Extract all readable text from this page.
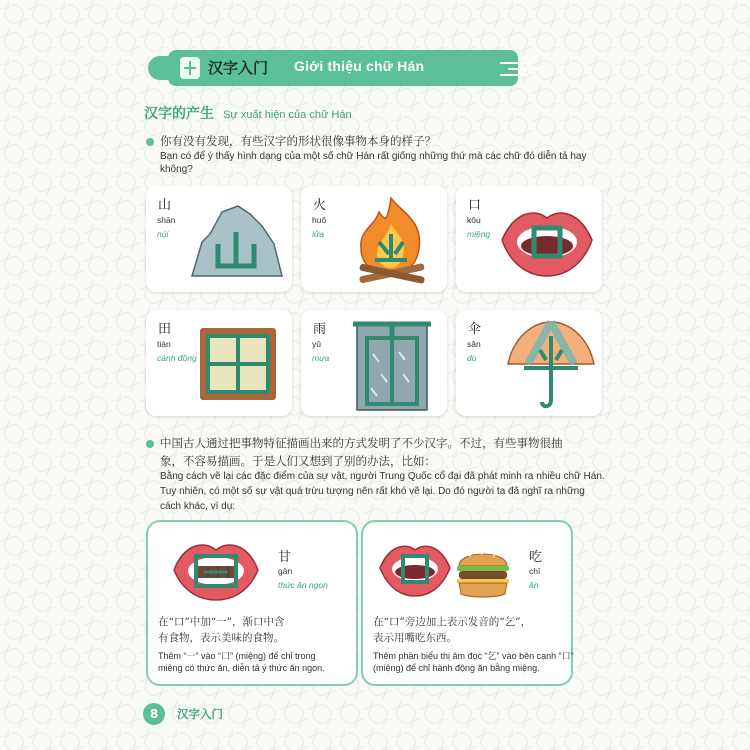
汉字入门 Giới thiệu chữ Hán
汉字的产生 Sự xuất hiện của chữ Hán
你有没有发现，有些汉字的形状很像事物本身的样子？
Bạn có để ý thấy hình dạng của một số chữ Hán rất giống những thứ mà các chữ đó diễn tả hay
không?
山
shān
núi
火
huǒ
lửa
口
kǒu
miệng
田
tián
cánh đồng
雨
yǔ
mưa
伞
sǎn
dù
中国古人通过把事物特征描画出来的方式发明了不少汉字。不过，有些事物很抽
象，不容易描画。于是人们又想到了别的办法，比如：
Bằng cách vẽ lại các đặc điểm của sự vật, người Trung Quốc cổ đại đã phát minh ra nhiều chữ Hán.
Tuy nhiên, có một số sự vật quá trừu tượng nên rất khó vẽ lại. Do đó người ta đã nghĩ ra những
cách khác, ví dụ:
甘
gān
thức ăn ngon
在“口”中加“一”，渐口中含
有食物，表示美味的食物。
Thêm “一” vào “口” (miệng) để chỉ trong
miệng có thức ăn, diễn tả ý thức ăn ngon.
吃
chī
ăn
在“口”旁边加上表示发音的“乞”，
表示用嘴吃东西。
Thêm phần biểu thị âm đọc “乞” vào bên cạnh “口”
(miệng) để chỉ hành động ăn bằng miệng.
8	汉字入门
